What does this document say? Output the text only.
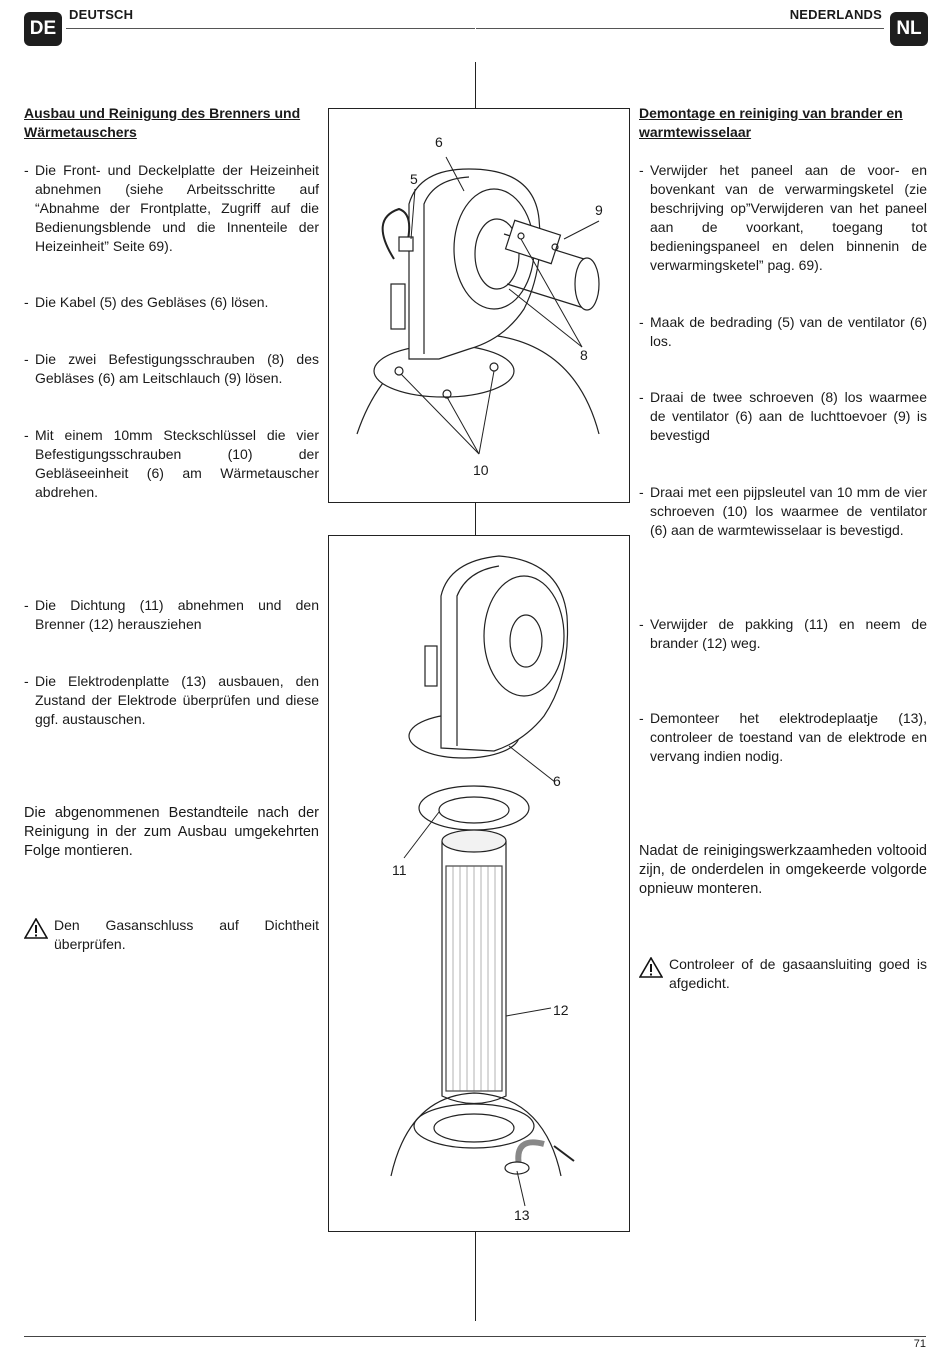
DE
DEUTSCH	NEDERLANDS
NL
Ausbau und Reinigung des Brenners und Wärmetauschers
- Die Front- und Deckelplatte der Heizeinheit abnehmen (siehe Arbeitsschritte auf “Abnahme der Frontplatte, Zugriff auf die Bedienungsblende und die Innenteile der Heizeinheit” Seite 69).
- Die Kabel (5) des Gebläses (6) lösen.
- Die zwei Befestigungsschrauben (8) des Gebläses (6) am Leitschlauch (9) lösen.
- Mit einem 10mm Steckschlüssel die vier Befestigungsschrauben (10) der Gebläseeinheit (6) am Wärmetauscher abdrehen.
- Die Dichtung (11) abnehmen und den Brenner (12) herausziehen
- Die Elektrodenplatte (13) ausbauen, den Zustand der Elektrode überprüfen und diese ggf. austauschen.
Die abgenommenen Bestandteile nach der Reinigung in der zum Ausbau umgekehrten Folge montieren.
Den Gasanschluss auf Dichtheit überprüfen.
Demontage en reiniging van brander en warmtewisselaar
- Verwijder het paneel aan de voor- en bovenkant van de verwarmingsketel (zie beschrijving op”Verwijderen van het paneel aan de voorkant, toegang tot bedieningspaneel en delen binnenin de verwarmingsketel” pag. 69).
- Maak de bedrading (5) van de ventilator (6) los.
- Draai de twee schroeven (8) los waarmee de ventilator (6) aan de luchttoevoer (9) is bevestigd
- Draai met een pijpsleutel van 10 mm de vier schroeven (10) los waarmee de ventilator (6) aan de warmtewisselaar is bevestigd.
- Verwijder de pakking (11) en neem de brander (12) weg.
- Demonteer het elektrodeplaatje (13), controleer de toestand van de elektrode en vervang indien nodig.
Nadat de reinigingswerkzaamheden voltooid zijn, de onderdelen in omgekeerde volgorde opnieuw monteren.
Controleer of de gasaansluiting goed is afgedicht.
6
5
9
8
10
6
11
12
13
71
